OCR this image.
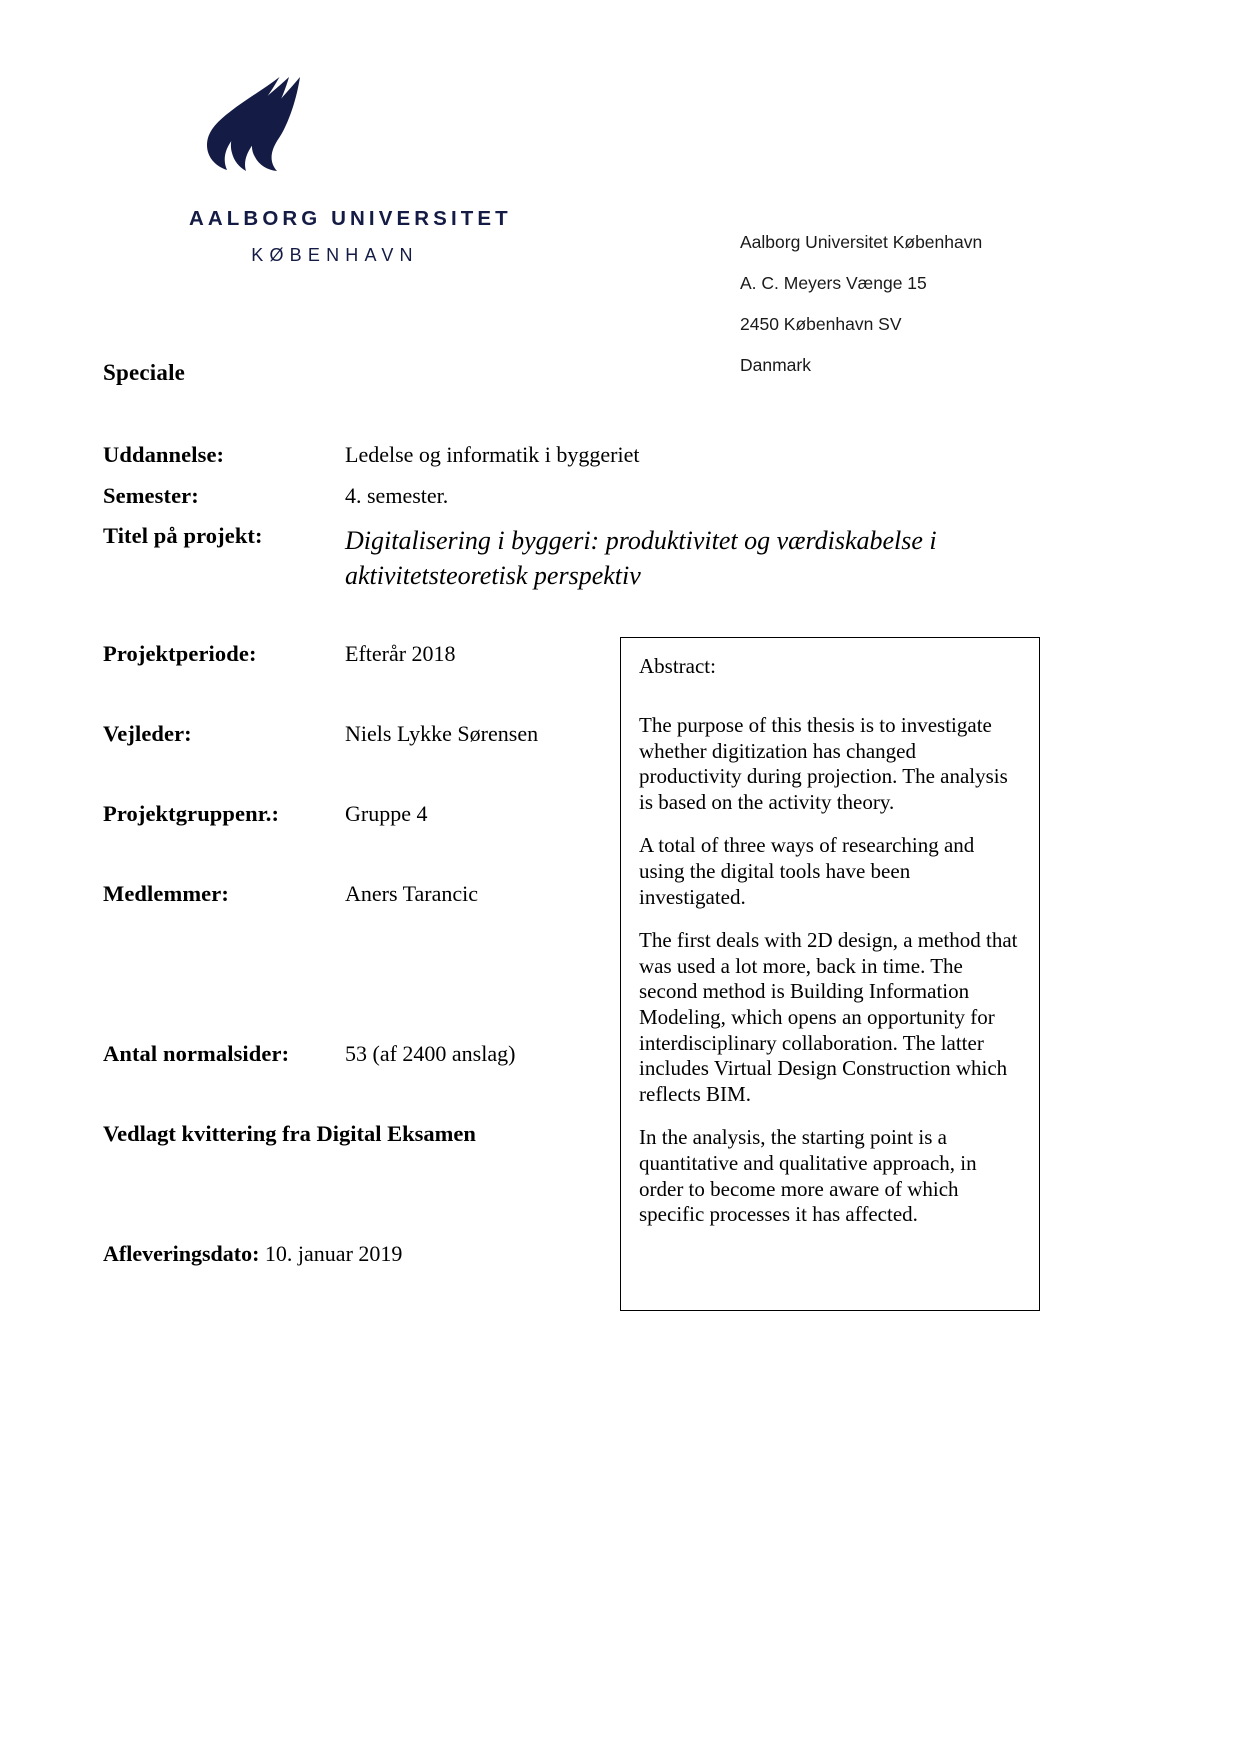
AALBORG UNIVERSITET
KØBENHAVN
Aalborg Universitet København
A. C. Meyers Vænge 15
2450 København SV
Danmark
Speciale
Uddannelse:	Ledelse og informatik i byggeriet
Semester:	4. semester.
Titel på projekt:	Digitalisering i byggeri: produktivitet og værdiskabelse i aktivitetsteoretisk perspektiv
Projektperiode:	Efterår 2018
Vejleder:	Niels Lykke Sørensen
Projektgruppenr.:	Gruppe 4
Medlemmer:	Aners Tarancic
Antal normalsider:	53 (af 2400 anslag)
Vedlagt kvittering fra Digital Eksamen
Afleveringsdato: 10. januar 2019
Abstract:

The purpose of this thesis is to investigate whether digitization has changed productivity during projection. The analysis is based on the activity theory.

A total of three ways of researching and using the digital tools have been investigated.

The first deals with 2D design, a method that was used a lot more, back in time. The second method is Building Information Modeling, which opens an opportunity for interdisciplinary collaboration. The latter includes Virtual Design Construction which reflects BIM.

In the analysis, the starting point is a quantitative and qualitative approach, in order to become more aware of which specific processes it has affected.
